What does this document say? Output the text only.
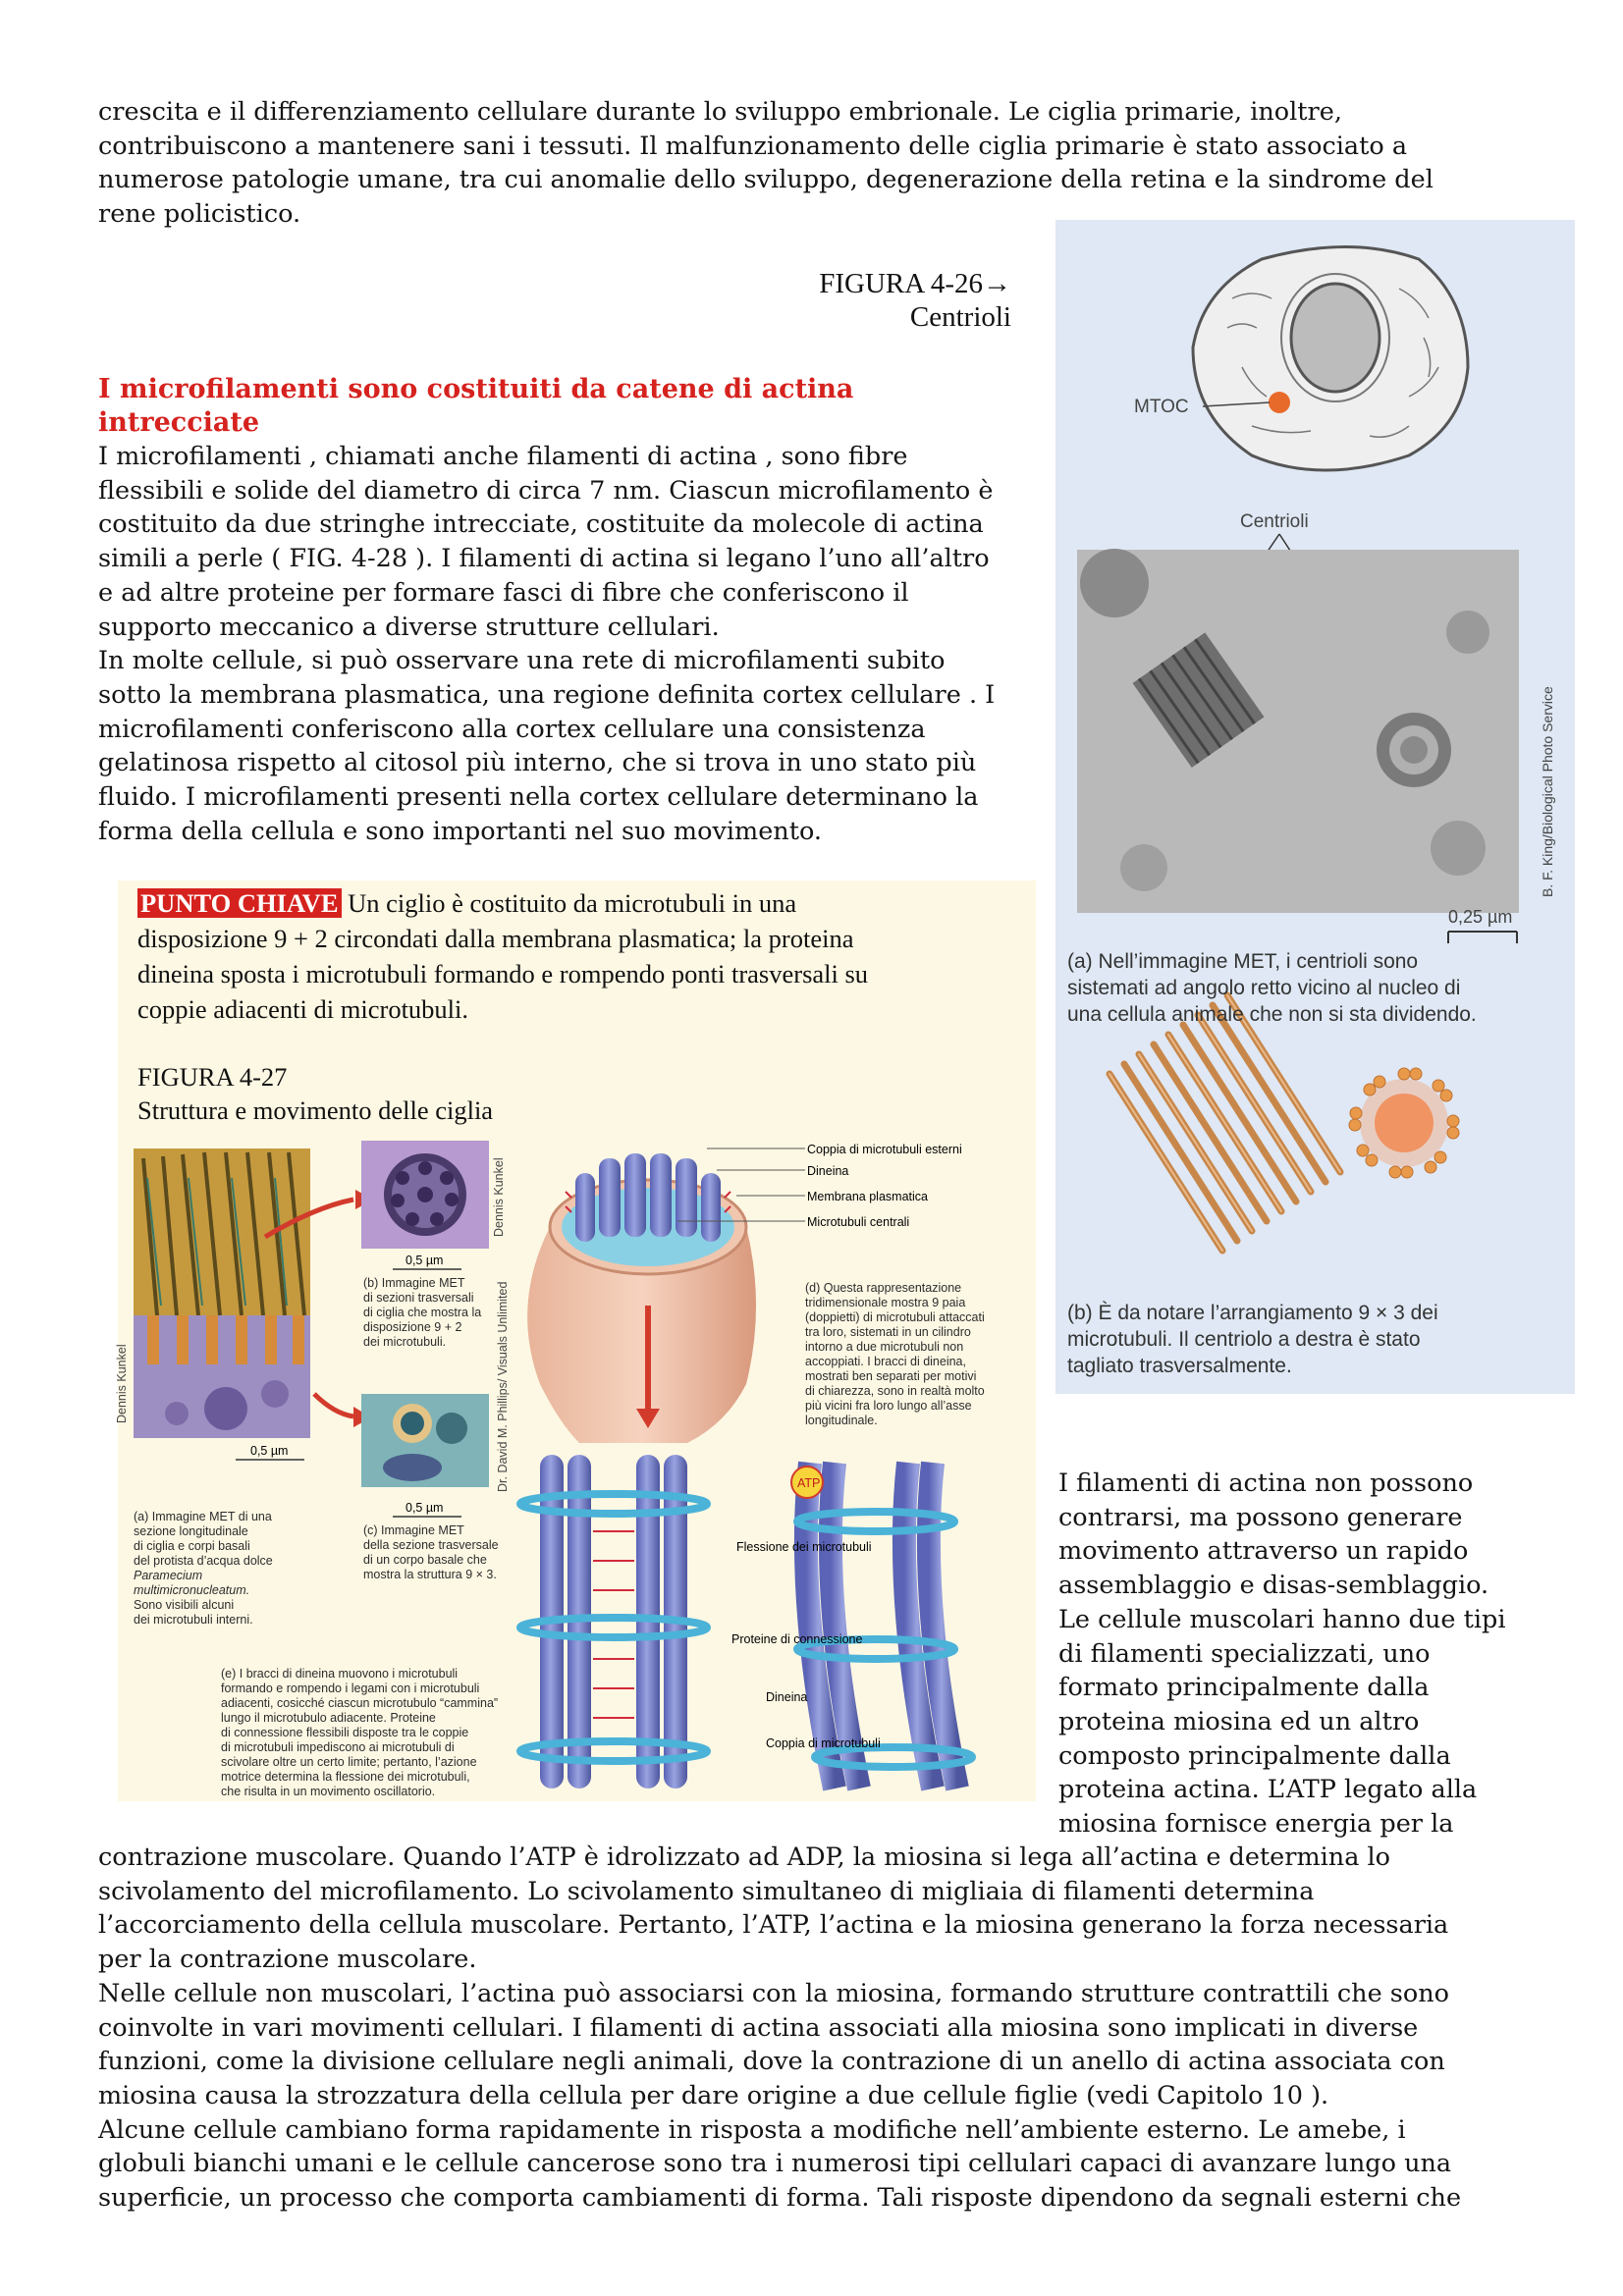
crescita e il differenziamento cellulare durante lo sviluppo embrionale. Le ciglia primarie, inoltre,
contribuiscono a mantenere sani i tessuti. Il malfunzionamento delle ciglia primarie è stato associato a
numerose patologie umane, tra cui anomalie dello sviluppo, degenerazione della retina e la sindrome del
rene policistico.
FIGURA 4-26→
Centrioli
I microfilamenti sono costituiti da catene di actina
intrecciate
I microfilamenti , chiamati anche filamenti di actina , sono fibre
flessibili e solide del diametro di circa 7 nm. Ciascun microfilamento è
costituito da due stringhe intrecciate, costituite da molecole di actina
simili a perle ( FIG. 4-28 ). I filamenti di actina si legano l’uno all’altro
e ad altre proteine per formare fasci di fibre che conferiscono il
supporto meccanico a diverse strutture cellulari.
In molte cellule, si può osservare una rete di microfilamenti subito
sotto la membrana plasmatica, una regione definita cortex cellulare . I
microfilamenti conferiscono alla cortex cellulare una consistenza
gelatinosa rispetto al citosol più interno, che si trova in uno stato più
fluido. I microfilamenti presenti nella cortex cellulare determinano la
forma della cellula e sono importanti nel suo movimento.
PUNTO CHIAVE Un ciglio è costituito da microtubuli in una
disposizione 9 + 2 circondati dalla membrana plasmatica; la proteina
dineina sposta i microtubuli formando e rompendo ponti trasversali su
coppie adiacenti di microtubuli.
FIGURA 4-27
Struttura e movimento delle ciglia
Dennis Kunkel
0,5 µm
Dennis Kunkel
0,5 µm
Dr. David M. Phillips/ Visuals Unlimited
0,5 µm
Coppia di microtubuli esterni
Dineina
Membrana plasmatica
Microtubuli centrali
ATP
Flessione dei microtubuli
Proteine di connessione
Dineina
Coppia di microtubuli
(b) Immagine MET
di sezioni trasversali
di ciglia che mostra la
disposizione 9 + 2
dei microtubuli.
(d) Questa rappresentazione
tridimensionale mostra 9 paia
(doppietti) di microtubuli attaccati
tra loro, sistemati in un cilindro
intorno a due microtubuli non
accoppiati. I bracci di dineina,
mostrati ben separati per motivi
di chiarezza, sono in realtà molto
più vicini fra loro lungo all’asse
longitudinale.
(a) Immagine MET di una
sezione longitudinale
di ciglia e corpi basali
del protista d’acqua dolce
Paramecium
multimicronucleatum.
Sono visibili alcuni
dei microtubuli interni.
(c) Immagine MET
della sezione trasversale
di un corpo basale che
mostra la struttura 9 × 3.
(e) I bracci di dineina muovono i microtubuli
formando e rompendo i legami con i microtubuli
adiacenti, cosicché ciascun microtubulo “cammina”
lungo il microtubulo adiacente. Proteine
di connessione flessibili disposte tra le coppie
di microtubuli impediscono ai microtubuli di
scivolare oltre un certo limite; pertanto, l’azione
motrice determina la flessione dei microtubuli,
che risulta in un movimento oscillatorio.
MTOC
Centrioli
B. F. King/Biological Photo Service
0,25 µm
(a) Nell’immagine MET, i centrioli sono
sistemati ad angolo retto vicino al nucleo di
una cellula animale che non si sta dividendo.
(b) È da notare l’arrangiamento 9 × 3 dei
microtubuli. Il centriolo a destra è stato
tagliato trasversalmente.
I filamenti di actina non possono
contrarsi, ma possono generare
movimento attraverso un rapido
assemblaggio e disas-semblaggio.
Le cellule muscolari hanno due tipi
di filamenti specializzati, uno
formato principalmente dalla
proteina miosina ed un altro
composto principalmente dalla
proteina actina. L’ATP legato alla
miosina fornisce energia per la
contrazione muscolare. Quando l’ATP è idrolizzato ad ADP, la miosina si lega all’actina e determina lo
scivolamento del microfilamento. Lo scivolamento simultaneo di migliaia di filamenti determina
l’accorciamento della cellula muscolare. Pertanto, l’ATP, l’actina e la miosina generano la forza necessaria
per la contrazione muscolare.
Nelle cellule non muscolari, l’actina può associarsi con la miosina, formando strutture contrattili che sono
coinvolte in vari movimenti cellulari. I filamenti di actina associati alla miosina sono implicati in diverse
funzioni, come la divisione cellulare negli animali, dove la contrazione di un anello di actina associata con
miosina causa la strozzatura della cellula per dare origine a due cellule figlie (vedi Capitolo 10 ).
Alcune cellule cambiano forma rapidamente in risposta a modifiche nell’ambiente esterno. Le amebe, i
globuli bianchi umani e le cellule cancerose sono tra i numerosi tipi cellulari capaci di avanzare lungo una
superficie, un processo che comporta cambiamenti di forma. Tali risposte dipendono da segnali esterni che
